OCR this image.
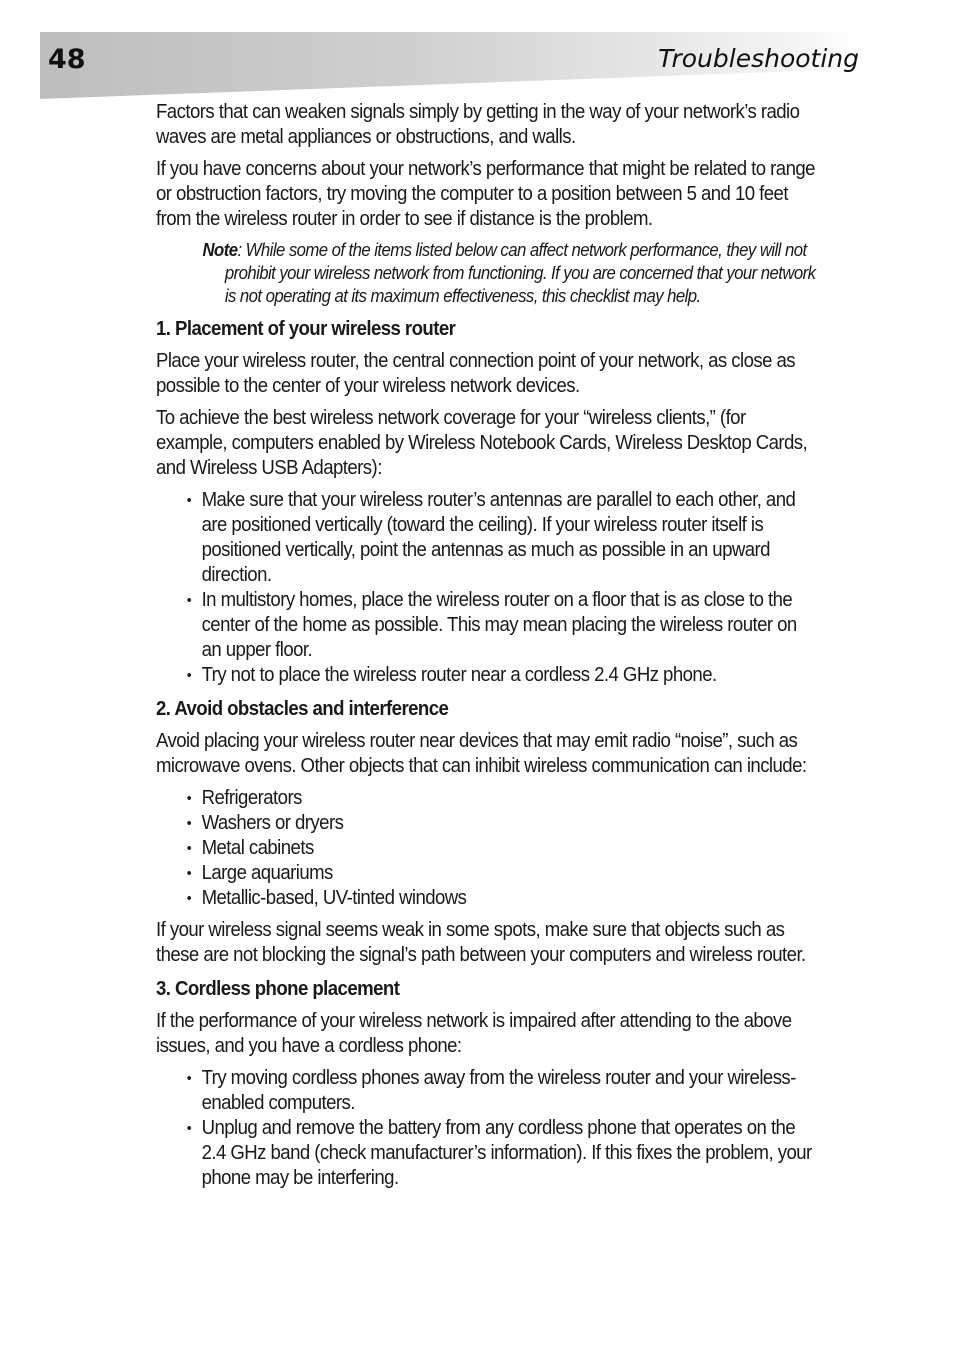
48	Troubleshooting

Factors that can weaken signals simply by getting in the way of your network’s radio waves are metal appliances or obstructions, and walls.

If you have concerns about your network’s performance that might be related to range or obstruction factors, try moving the computer to a position between 5 and 10 feet from the wireless router in order to see if distance is the problem.

Note: While some of the items listed below can affect network performance, they will not prohibit your wireless network from functioning. If you are concerned that your network is not operating at its maximum effectiveness, this checklist may help.

1. Placement of your wireless router

Place your wireless router, the central connection point of your network, as close as possible to the center of your wireless network devices.

To achieve the best wireless network coverage for your “wireless clients,” (for example, computers enabled by Wireless Notebook Cards, Wireless Desktop Cards, and Wireless USB Adapters):

• Make sure that your wireless router’s antennas are parallel to each other, and are positioned vertically (toward the ceiling). If your wireless router itself is positioned vertically, point the antennas as much as possible in an upward direction.
• In multistory homes, place the wireless router on a floor that is as close to the center of the home as possible. This may mean placing the wireless router on an upper floor.
• Try not to place the wireless router near a cordless 2.4 GHz phone.
2. Avoid obstacles and interference

Avoid placing your wireless router near devices that may emit radio “noise”, such as microwave ovens. Other objects that can inhibit wireless communication can include:

• Refrigerators
• Washers or dryers
• Metal cabinets
• Large aquariums
• Metallic-based, UV-tinted windows

If your wireless signal seems weak in some spots, make sure that objects such as these are not blocking the signal’s path between your computers and wireless router.

3. Cordless phone placement

If the performance of your wireless network is impaired after attending to the above issues, and you have a cordless phone:

• Try moving cordless phones away from the wireless router and your wireless-enabled computers.
• Unplug and remove the battery from any cordless phone that operates on the 2.4 GHz band (check manufacturer’s information). If this fixes the problem, your phone may be interfering.
